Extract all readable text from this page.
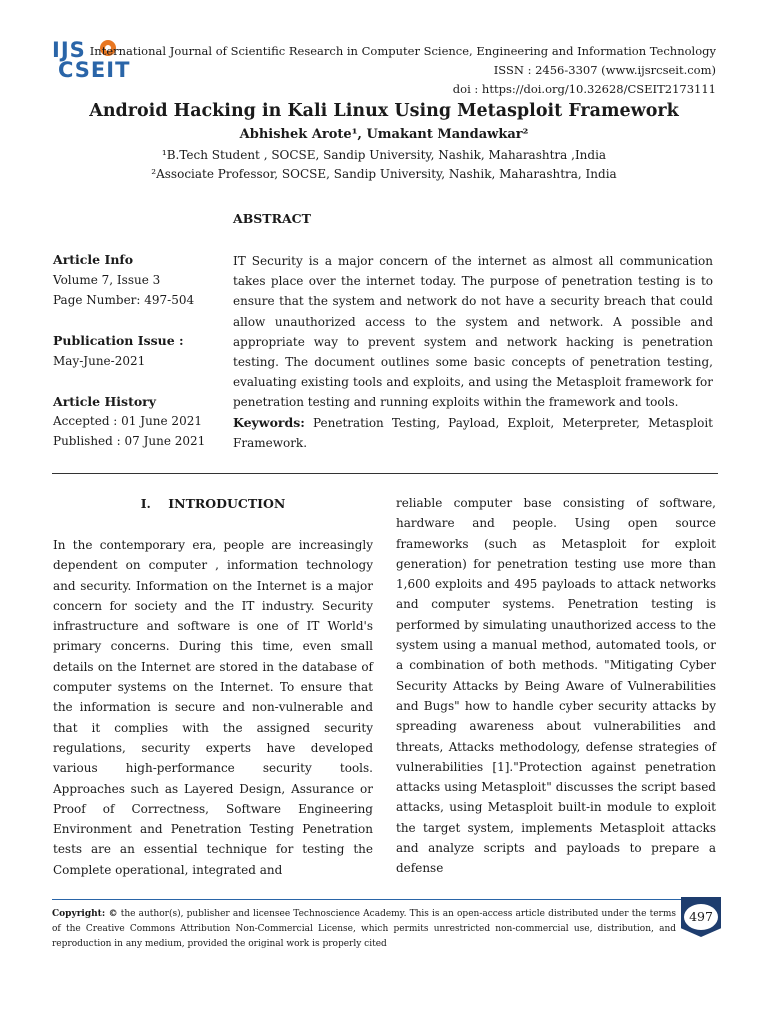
IJS
CSEIT
International Journal of Scientific Research in Computer Science, Engineering and Information Technology
ISSN : 2456-3307 (www.ijsrcseit.com)
doi : https://doi.org/10.32628/CSEIT2173111
Android Hacking in Kali Linux Using Metasploit Framework
Abhishek Arote¹, Umakant Mandawkar²
¹B.Tech Student , SOCSE, Sandip University, Nashik, Maharashtra ,India
²Associate Professor, SOCSE, Sandip University, Nashik, Maharashtra, India
ABSTRACT
Article Info
Volume 7, Issue 3
Page Number: 497-504
Publication Issue :
May-June-2021
Article History
Accepted : 01 June 2021
Published : 07 June 2021
IT Security is a major concern of the internet as almost all communication takes place over the internet today. The purpose of penetration testing is to ensure that the system and network do not have a security breach that could allow unauthorized access to the system and network. A possible and appropriate way to prevent system and network hacking is penetration testing. The document outlines some basic concepts of penetration testing, evaluating existing tools and exploits, and using the Metasploit framework for penetration testing and running exploits within the framework and tools.
Keywords: Penetration Testing, Payload, Exploit, Meterpreter, Metasploit Framework.
I.    INTRODUCTION
In the contemporary era, people are increasingly dependent on computer , information technology and security. Information on the Internet is a major concern for society and the IT industry. Security infrastructure and software is one of IT World's primary concerns. During this time, even small details on the Internet are stored in the database of computer systems on the Internet. To ensure that the information is secure and non-vulnerable and that it complies with the assigned security regulations, security experts have developed various high-performance security tools. Approaches such as Layered Design, Assurance or Proof of Correctness, Software Engineering Environment and Penetration Testing Penetration tests are an essential technique for testing the Complete operational, integrated and
reliable computer base consisting of software, hardware and people. Using open source frameworks (such as Metasploit for exploit generation) for penetration testing use more than 1,600 exploits and 495 payloads to attack networks and computer systems. Penetration testing is performed by simulating unauthorized access to the system using a manual method, automated tools, or a combination of both methods. "Mitigating Cyber Security Attacks by Being Aware of Vulnerabilities and Bugs" how to handle cyber security attacks by spreading awareness about vulnerabilities and threats, Attacks methodology, defense strategies of vulnerabilities [1]."Protection against penetration attacks using Metasploit" discusses the script based attacks, using Metasploit built-in module to exploit the target system, implements Metasploit attacks and analyze scripts and payloads to prepare a defense
Copyright: © the author(s), publisher and licensee Technoscience Academy. This is an open-access article distributed under the terms of the Creative Commons Attribution Non-Commercial License, which permits unrestricted non-commercial use, distribution, and reproduction in any medium, provided the original work is properly cited
497
